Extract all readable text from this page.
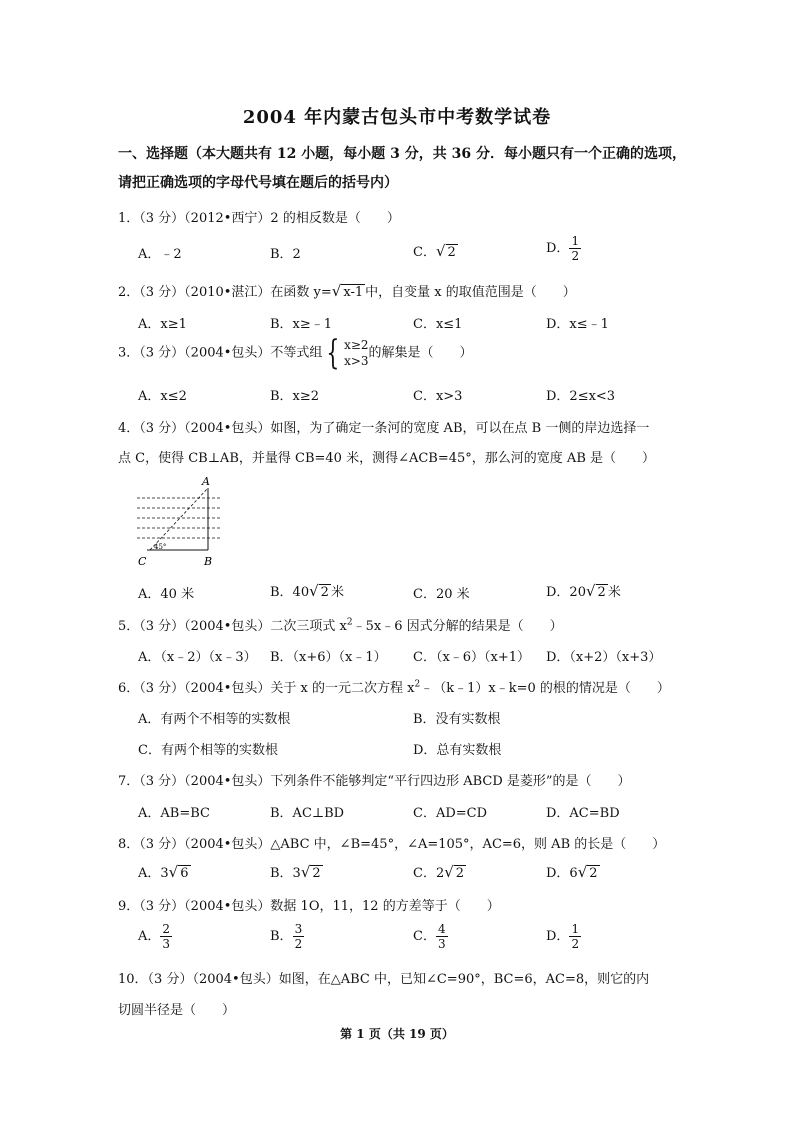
2004 年内蒙古包头市中考数学试卷
一、选择题（本大题共有 12 小题，每小题 3 分，共 36 分．每小题只有一个正确的选项，请把正确选项的字母代号填在题后的括号内）
1．（3 分）（2012•西宁）2 的相反数是（　　）
A．﹣2	B．2	C．√ 2	D． $\frac{1}{2}$
2．（3 分）（2010•湛江）在函数 y=√ x-1 中，自变量 x 的取值范围是（　　）
A．x≥1	B．x≥﹣1	C．x≤1	D．x≤﹣1
3．（3 分）（2004•包头）不等式组 { x≥2
x>3
的解集是（　　）
A．x≤2	B．x≥2	C．x>3	D．2≤x<3
4．（3 分）（2004•包头）如图，为了确定一条河的宽度 AB，可以在点 B 一侧的岸边选择一
点 C，使得 CB⊥AB，并量得 CB=40 米，测得∠ACB=45°，那么河的宽度 AB 是（　　）
A
B
C
45°
A．40 米	B．40√ 2 米	C．20 米	D．20√ 2 米
5．（3 分）（2004•包头）二次三项式 $x^2﹣5x﹣6$ 因式分解的结果是（　　）
A．（x﹣2）（x﹣3） B．（x+6）（x﹣1） C．（x﹣6）（x+1） D．（x+2）（x+3）
6．（3 分）（2004•包头）关于 x 的一元二次方程 $x^2﹣(k﹣1)x﹣k=0$ 的根的情况是（　　）
A．有两个不相等的实数根	B．没有实数根
C．有两个相等的实数根	D．总有实数根
7．（3 分）（2004•包头）下列条件不能够判定“平行四边形 ABCD 是菱形”的是（　　）
A．AB=BC	B．AC⊥BD	C．AD=CD	D．AC=BD
8．（3 分）（2004•包头）△ABC 中，∠B=45°，∠A=105°，AC=6，则 AB 的长是（　　）
A．3√ 6	B．3√ 2	C．2√ 2	D．6√ 2
9．（3 分）（2004•包头）数据 1O，11，12 的方差等于（　　）
A． $\frac{2}{3}$	B． $\frac{3}{2}$	C． $\frac{4}{3}$	D． $\frac{1}{2}$
10．（3 分）（2004•包头）如图，在△ABC 中，已知∠C=90°，BC=6，AC=8，则它的内
切圆半径是（　　）
第 1 页（共 19 页）
